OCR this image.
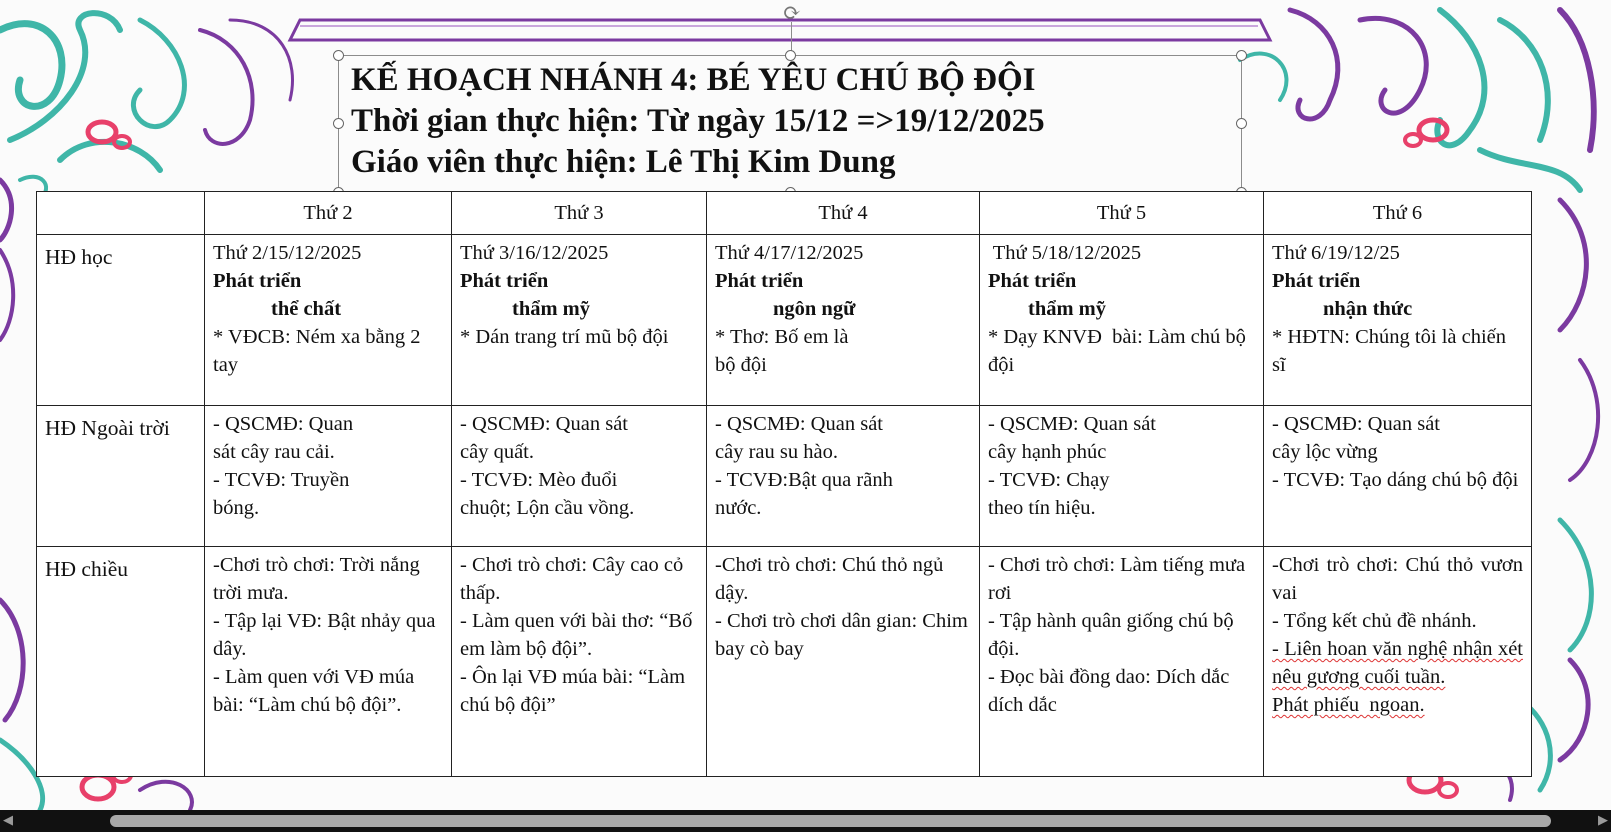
⟳
KẾ HOẠCH NHÁNH 4: BÉ YÊU CHÚ BỘ ĐỘI
Thời gian thực hiện: Từ ngày 15/12 =>19/12/2025
Giáo viên thực hiện: Lê Thị Kim Dung
	Thứ 2	Thứ 3	Thứ 4	Thứ 5	Thứ 6
HĐ học	Thứ 2/15/12/2025
Phát triển
thể chất
* VĐCB: Ném xa bằng 2 tay	Thứ 3/16/12/2025
Phát triển
thẩm mỹ
* Dán trang trí mũ bộ đội	Thứ 4/17/12/2025
Phát triển
ngôn ngữ
* Thơ: Bố em là
bộ đội	Thứ 5/18/12/2025
Phát triển
thẩm mỹ
* Dạy KNVĐ  bài: Làm chú bộ đội	Thứ 6/19/12/25
Phát triển
nhận thức
* HĐTN: Chúng tôi là chiến sĩ

HĐ Ngoài trời	- QSCMĐ: Quan
sát cây rau cải.
- TCVĐ: Truyền
bóng.	- QSCMĐ: Quan sát
cây quất.
- TCVĐ: Mèo đuổi
chuột; Lộn cầu vồng.	- QSCMĐ: Quan sát
cây rau su hào.
- TCVĐ:Bật qua rãnh
nước.	- QSCMĐ: Quan sát
cây hạnh phúc
- TCVĐ: Chạy
theo tín hiệu.	- QSCMĐ: Quan sát
cây lộc vừng
- TCVĐ: Tạo dáng chú bộ đội

HĐ chiều	-Chơi trò chơi: Trời nắng trời mưa.
- Tập lại VĐ: Bật nhảy qua dây.
- Làm quen với VĐ múa bài: “Làm chú bộ đội”.	- Chơi trò chơi: Cây cao cỏ thấp.
- Làm quen với bài thơ: “Bố em làm bộ đội”.
- Ôn lại VĐ múa bài: “Làm chú bộ đội”	-Chơi trò chơi: Chú thỏ ngủ dậy.
- Chơi trò chơi dân gian: Chim bay cò bay	- Chơi trò chơi: Làm tiếng mưa rơi
- Tập hành quân giống chú bộ đội.
- Đọc bài đồng dao: Dích dắc dích dắc	-Chơi trò chơi: Chú thỏ vươn vai
- Tổng kết chủ đề nhánh.
- Liên hoan văn nghệ nhận xét nêu gương cuối tuần.
Phát phiếu  ngoan.
◀	▶
